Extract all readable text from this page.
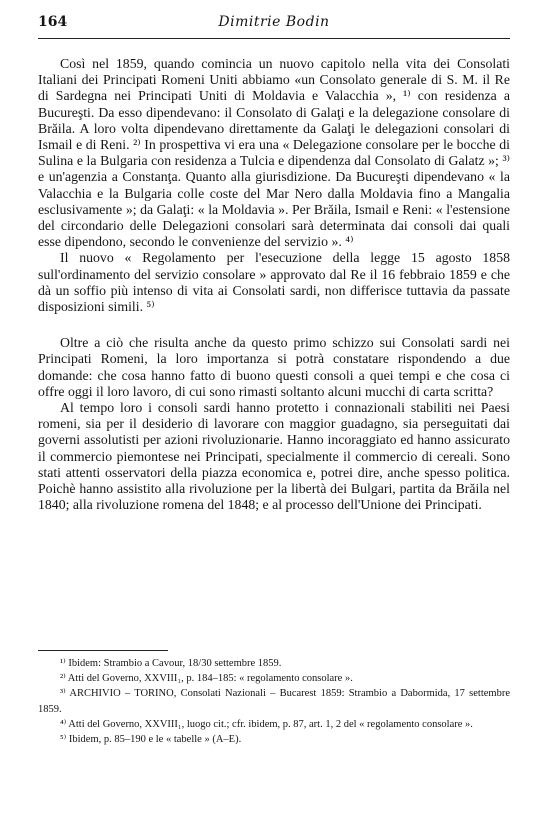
164	Dimitrie Bodin

Così nel 1859, quando comincia un nuovo capitolo nella vita dei Consolati Italiani dei Principati Romeni Uniti abbiamo «un Consolato generale di S. M. il Re di Sardegna nei Principati Uniti di Moldavia e Valacchia », ¹⁾ con residenza a Bucureşti. Da esso dipendevano: il Consolato di Galaţi e la delegazione consolare di Brăila. A loro volta dipendevano direttamente da Galaţi le delegazioni consolari di Ismail e di Reni. ²⁾ In prospettiva vi era una « Delegazione consolare per le bocche di Sulina e la Bulgaria con residenza a Tulcia e dipendenza dal Consolato di Galatz »; ³⁾ e un'agenzia a Constanţa. Quanto alla giurisdizione. Da Bucureşti dipendevano « la Valacchia e la Bulgaria colle coste del Mar Nero dalla Moldavia fino a Mangalia esclusivamente »; da Galaţi: « la Moldavia ». Per Brăila, Ismail e Reni: « l'estensione del circondario delle Delegazioni consolari sarà determinata dai consoli dai quali esse dipendono, secondo le convenienze del servizio ». ⁴⁾

Il nuovo « Regolamento per l'esecuzione della legge 15 agosto 1858 sull'ordinamento del servizio consolare » approvato dal Re il 16 febbraio 1859 e che dà un soffio più intenso di vita ai Consolati sardi, non differisce tuttavia da passate disposizioni simili. ⁵⁾

Oltre a ciò che risulta anche da questo primo schizzo sui Consolati sardi nei Principati Romeni, la loro importanza si potrà constatare rispondendo a due domande: che cosa hanno fatto di buono questi consoli a quei tempi e che cosa ci offre oggi il loro lavoro, di cui sono rimasti soltanto alcuni mucchi di carta scritta?

Al tempo loro i consoli sardi hanno protetto i connazionali stabiliti nei Paesi romeni, sia per il desiderio di lavorare con maggior guadagno, sia perseguitati dai governi assolutisti per azioni rivoluzionarie. Hanno incoraggiato ed hanno assicurato il commercio piemontese nei Principati, specialmente il commercio di cereali. Sono stati attenti osservatori della piazza economica e, potrei dire, anche spesso politica. Poichè hanno assistito alla rivoluzione per la libertà dei Bulgari, partita da Brăila nel 1840; alla rivoluzione romena del 1848; e al processo dell'Unione dei Principati.

¹⁾ Ibidem: Strambio a Cavour, 18/30 settembre 1859.

²⁾ Atti del Governo, XXVIII₁, p. 184–185: « regolamento consolare ».

³⁾ ARCHIVIO – TORINO, Consolati Nazionali – Bucarest 1859: Strambio a Dabormida, 17 settembre 1859.

⁴⁾ Atti del Governo, XXVIII₁, luogo cit.; cfr. ibidem, p. 87, art. 1, 2 del « regolamento consolare ».

⁵⁾ Ibidem, p. 85–190 e le « tabelle » (A–E).
